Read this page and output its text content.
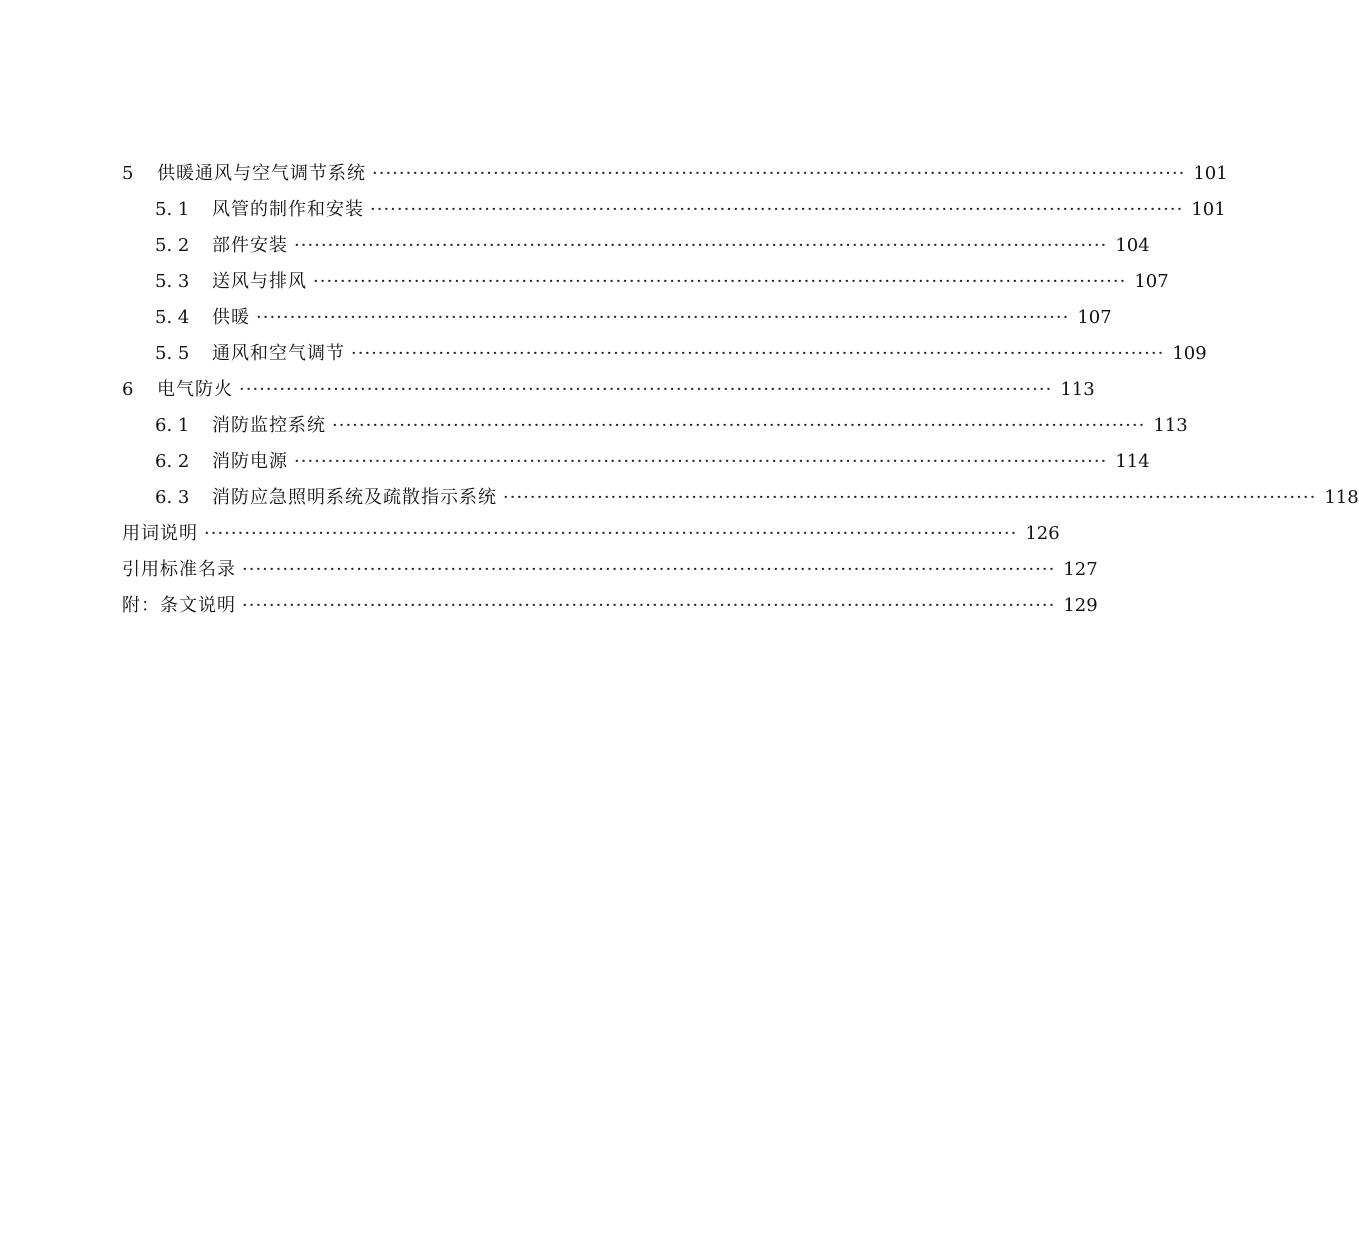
5	供暖通风与空气调节系统 ························································································································· 101
5. 1	风管的制作和安装 ························································································································· 101
5. 2	部件安装 ························································································································· 104
5. 3	送风与排风 ························································································································· 107
5. 4	供暖 ························································································································· 107
5. 5	通风和空气调节 ························································································································· 109
6	电气防火 ························································································································· 113
6. 1	消防监控系统 ························································································································· 113
6. 2	消防电源 ························································································································· 114
6. 3	消防应急照明系统及疏散指示系统 ························································································································· 118
用词说明 ························································································································· 126
引用标准名录 ························································································································· 127
附：条文说明 ························································································································· 129
